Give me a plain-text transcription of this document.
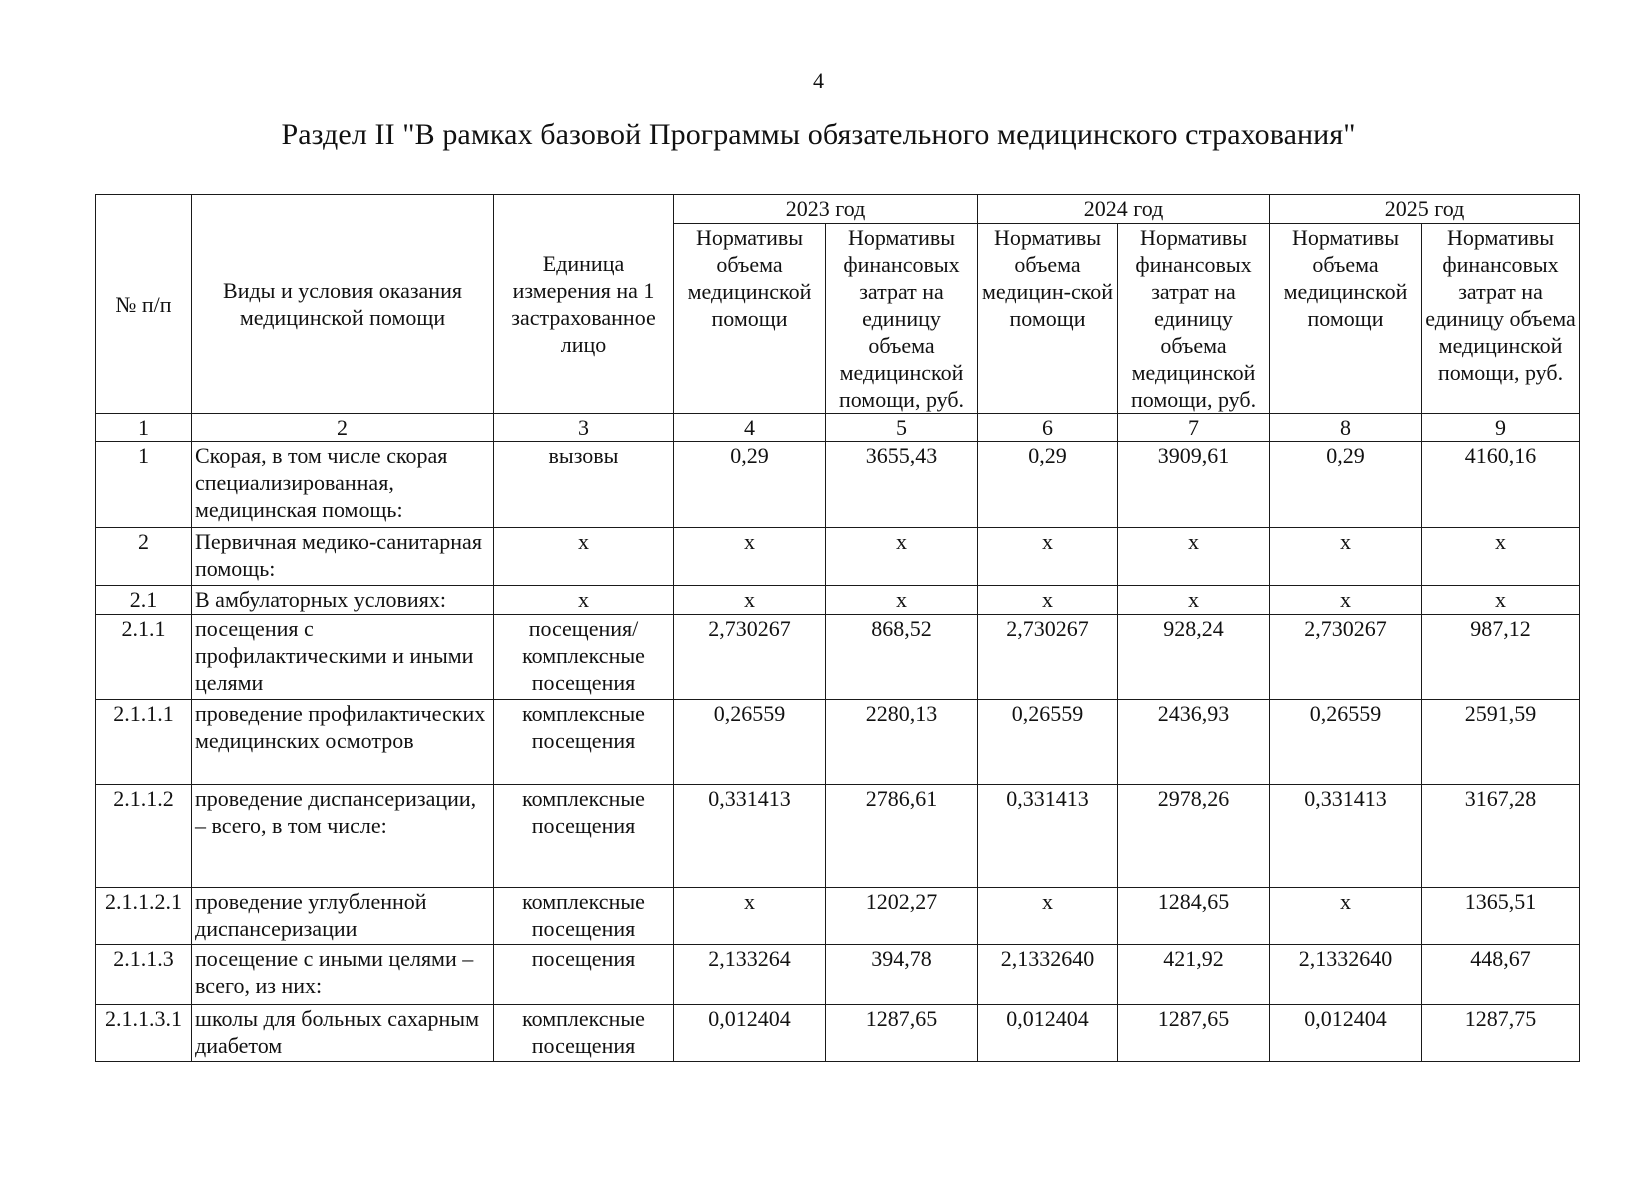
4
Раздел II "В рамках базовой Программы обязательного медицинского страхования"
№ п/п	Виды и условия оказания медицинской помощи	Единица измерения на 1 застрахованное лицо	2023 год		2024 год		2025 год	
			Нормативы объема медицинской помощи	Нормативы финансовых затрат на единицу объема медицинской помощи, руб.	Нормативы объема медицин-ской помощи	Нормативы финансовых затрат на единицу объема медицинской помощи, руб.	Нормативы объема медицинской помощи	Нормативы финансовых затрат на единицу объема медицинской помощи, руб.
1	2	3	4	5	6	7	8	9
1	Скорая, в том числе скорая специализированная, медицинская помощь:	вызовы	0,29	3655,43	0,29	3909,61	0,29	4160,16
2	Первичная медико-санитарная помощь:	х	х	х	х	х	х	х
2.1	В амбулаторных условиях:	х	х	х	х	х	х	х
2.1.1	посещения с профилактическими и иными целями	посещения/ комплексные посещения	2,730267	868,52	2,730267	928,24	2,730267	987,12
2.1.1.1	проведение профилактических медицинских осмотров	комплексные посещения	0,26559	2280,13	0,26559	2436,93	0,26559	2591,59
2.1.1.2	проведение диспансеризации, – всего, в том числе:	комплексные посещения	0,331413	2786,61	0,331413	2978,26	0,331413	3167,28
2.1.1.2.1	проведение углубленной диспансеризации	комплексные посещения	х	1202,27	х	1284,65	х	1365,51
2.1.1.3	посещение с иными целями – всего, из них:	посещения	2,133264	394,78	2,1332640	421,92	2,1332640	448,67
2.1.1.3.1	школы для больных сахарным диабетом	комплексные посещения	0,012404	1287,65	0,012404	1287,65	0,012404	1287,75
